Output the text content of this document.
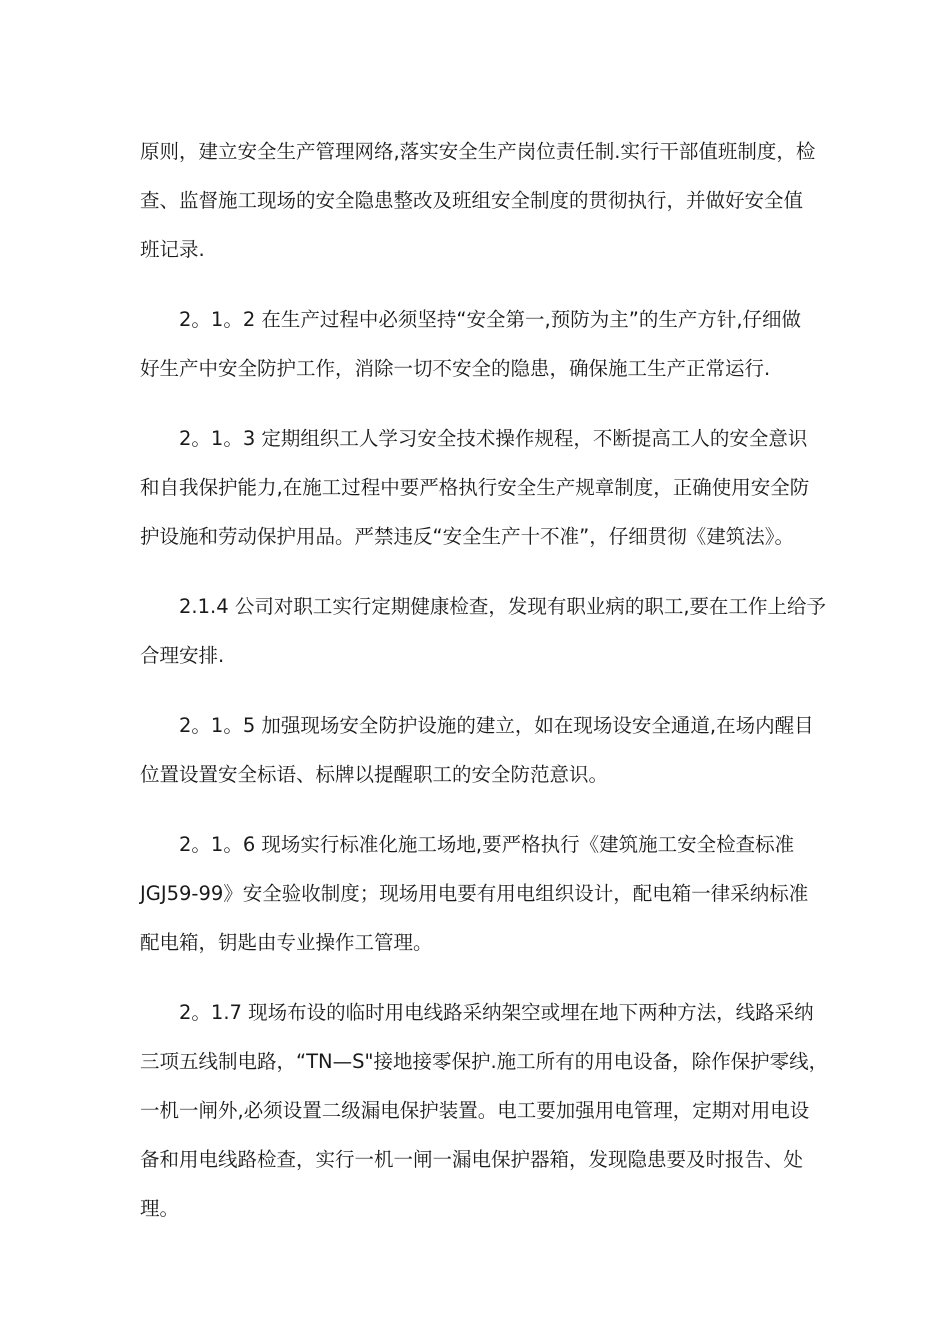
原则，建立安全生产管理网络,落实安全生产岗位责任制.实行干部值班制度，检
查、监督施工现场的安全隐患整改及班组安全制度的贯彻执行，并做好安全值
班记录.
2。1。2 在生产过程中必须坚持“安全第一,预防为主”的生产方针,仔细做
好生产中安全防护工作，消除一切不安全的隐患，确保施工生产正常运行.
2。1。3 定期组织工人学习安全技术操作规程，不断提高工人的安全意识
和自我保护能力,在施工过程中要严格执行安全生产规章制度，正确使用安全防
护设施和劳动保护用品。严禁违反“安全生产十不准”，仔细贯彻《建筑法》。
2.1.4 公司对职工实行定期健康检查，发现有职业病的职工,要在工作上给予
合理安排.
2。1。5 加强现场安全防护设施的建立，如在现场设安全通道,在场内醒目
位置设置安全标语、标牌以提醒职工的安全防范意识。
2。1。6 现场实行标准化施工场地,要严格执行《建筑施工安全检查标准
JGJ59-99》安全验收制度；现场用电要有用电组织设计，配电箱一律采纳标准
配电箱，钥匙由专业操作工管理。
2。1.7 现场布设的临时用电线路采纳架空或埋在地下两种方法，线路采纳
三项五线制电路，“TN—S"接地接零保护.施工所有的用电设备，除作保护零线，
一机一闸外,必须设置二级漏电保护装置。电工要加强用电管理，定期对用电设
备和用电线路检查，实行一机一闸一漏电保护器箱，发现隐患要及时报告、处
理。
